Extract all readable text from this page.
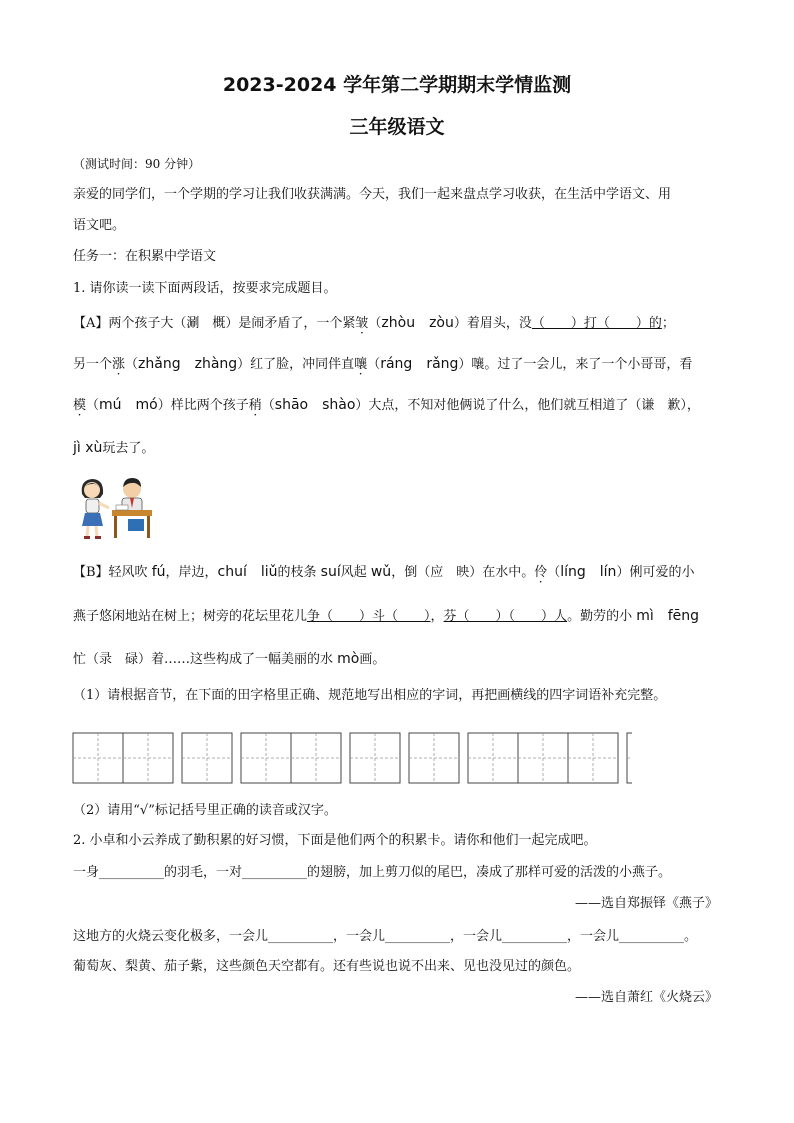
2023-2024 学年第二学期期末学情监测
三年级语文
（测试时间：90 分钟）
亲爱的同学们，一个学期的学习让我们收获满满。今天，我们一起来盘点学习收获，在生活中学语文、用
语文吧。
任务一：在积累中学语文
1. 请你读一读下面两段话，按要求完成题目。
【A】两个孩子大（涮　概）是闹矛盾了，一个紧皱（zhòu　zòu）着眉头，没（　　）打（　　）的；
另一个涨（zhǎng　zhàng）红了脸，冲同伴直嚷（ráng　rǎng）嚷。过了一会儿，来了一个小哥哥，看
模（mú　mó）样比两个孩子稍（shāo　shào）大点，不知对他俩说了什么，他们就互相道了（谦　歉），
jì xù玩去了。
【B】轻风吹 fú，岸边，chuí　liǔ的枝条 suí风起 wǔ，倒（应　映）在水中。伶（líng　lín）俐可爱的小
燕子悠闲地站在树上；树旁的花坛里花儿争（　　）斗（　　），芬（　　）（　　）人。勤劳的小 mì　fēng
忙（录　碌）着……这些构成了一幅美丽的水 mò画。
（1）请根据音节，在下面的田字格里正确、规范地写出相应的字词，再把画横线的四字词语补充完整。
（2）请用“√”标记括号里正确的读音或汉字。
2. 小卓和小云养成了勤积累的好习惯，下面是他们两个的积累卡。请你和他们一起完成吧。
一身__________的羽毛，一对__________的翅膀，加上剪刀似的尾巴，凑成了那样可爱的活泼的小燕子。
——选自郑振铎《燕子》
这地方的火烧云变化极多，一会儿__________，一会儿__________，一会儿__________，一会儿__________。
葡萄灰、梨黄、茄子紫，这些颜色天空都有。还有些说也说不出来、见也没见过的颜色。
——选自萧红《火烧云》
